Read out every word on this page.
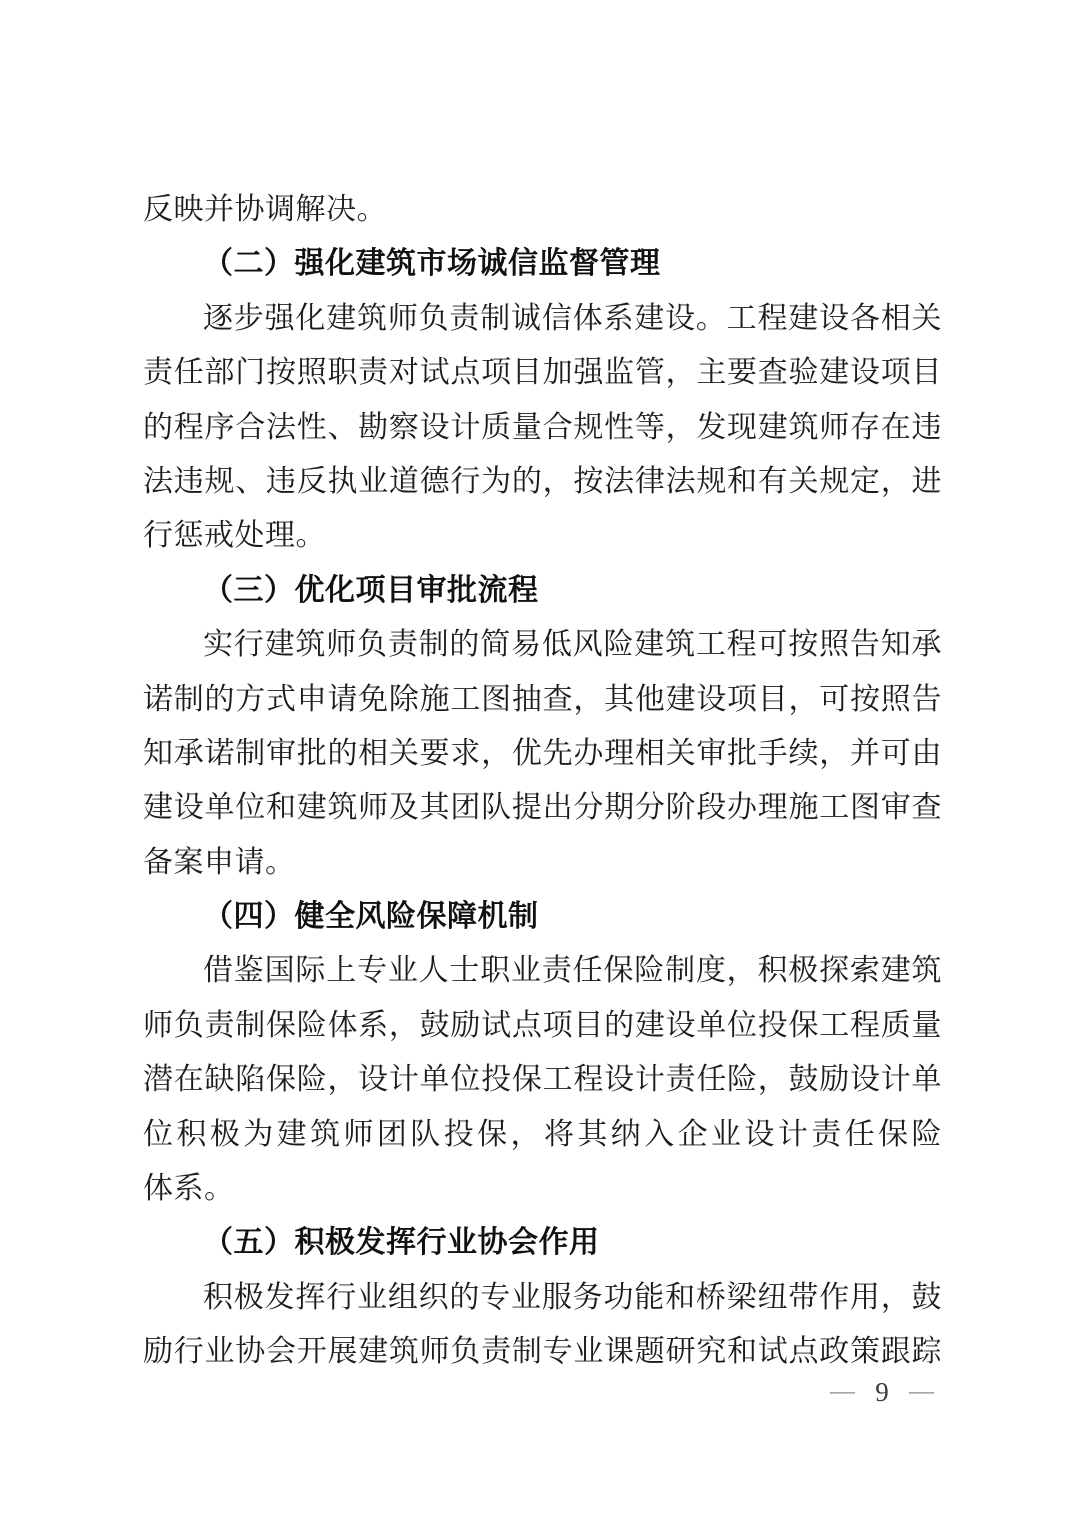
反映并协调解决。
（二）强化建筑市场诚信监督管理
逐步强化建筑师负责制诚信体系建设。工程建设各相关
责任部门按照职责对试点项目加强监管，主要查验建设项目
的程序合法性、勘察设计质量合规性等，发现建筑师存在违
法违规、违反执业道德行为的，按法律法规和有关规定，进
行惩戒处理。
（三）优化项目审批流程
实行建筑师负责制的简易低风险建筑工程可按照告知承
诺制的方式申请免除施工图抽查，其他建设项目，可按照告
知承诺制审批的相关要求，优先办理相关审批手续，并可由
建设单位和建筑师及其团队提出分期分阶段办理施工图审查
备案申请。
（四）健全风险保障机制
借鉴国际上专业人士职业责任保险制度，积极探索建筑
师负责制保险体系，鼓励试点项目的建设单位投保工程质量
潜在缺陷保险，设计单位投保工程设计责任险，鼓励设计单
位积极为建筑师团队投保，将其纳入企业设计责任保险
体系。
（五）积极发挥行业协会作用
积极发挥行业组织的专业服务功能和桥梁纽带作用，鼓
励行业协会开展建筑师负责制专业课题研究和试点政策跟踪
— 9 —
